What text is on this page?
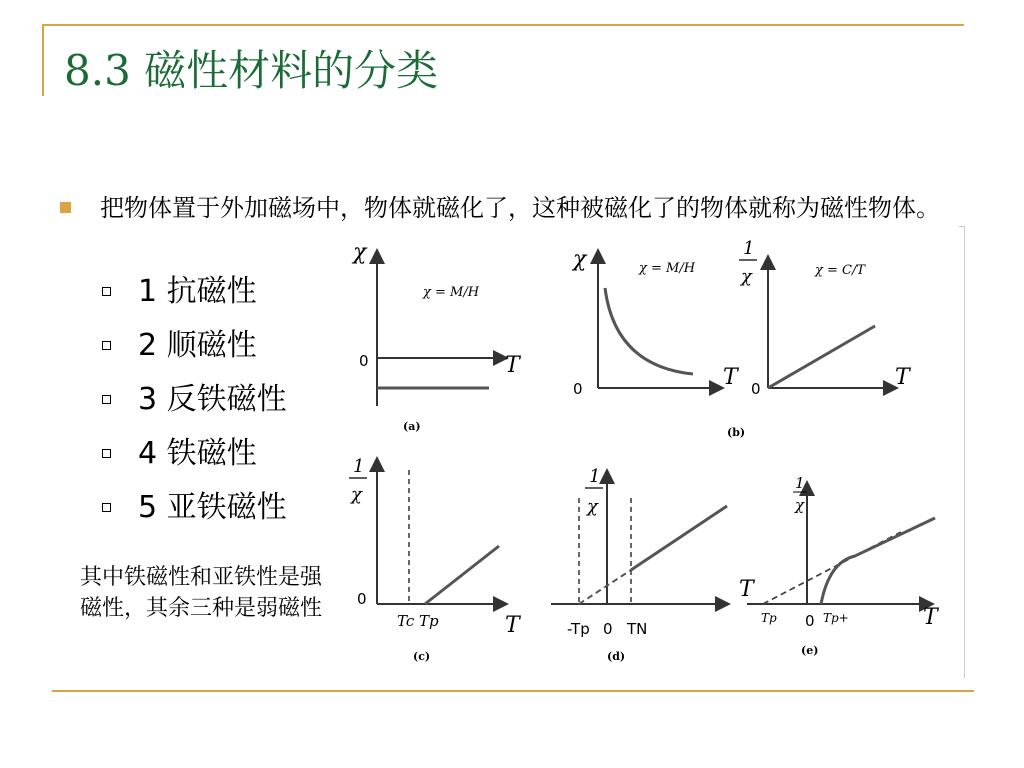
8.3 磁性材料的分类
把物体置于外加磁场中，物体就磁化了，这种被磁化了的物体就称为磁性物体。
1 抗磁性
2 顺磁性
3 反铁磁性
4 铁磁性
5 亚铁磁性
其中铁磁性和亚铁性是强磁性，其余三种是弱磁性
χ
0	T
χ = M/H
(a)
χ
0	T
χ = M/H
(b)
1
χ
0	T
χ = C/T
1
χ
0
Tc Tp	T
(c)
1
χ
-Tp 0 TN
(d)
1
χ
T
Tp 0 Tp+	T
(e)
